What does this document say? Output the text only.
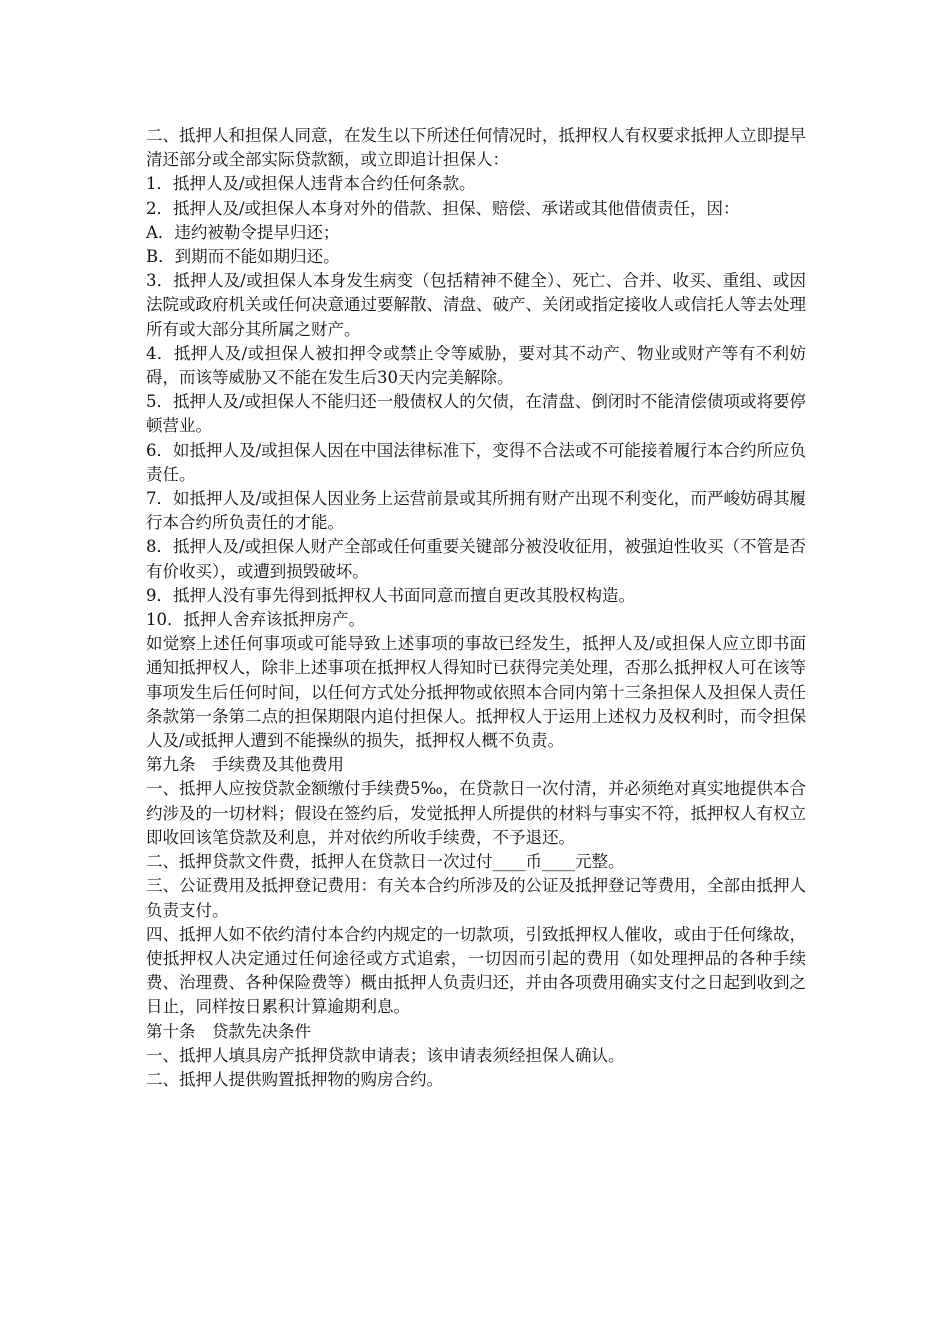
二、抵押人和担保人同意，在发生以下所述任何情况时，抵押权人有权要求抵押人立即提早清还部分或全部实际贷款额，或立即追计担保人：

1．抵押人及/或担保人违背本合约任何条款。

2．抵押人及/或担保人本身对外的借款、担保、赔偿、承诺或其他借债责任，因：

A．违约被勒令提早归还；

B．到期而不能如期归还。

3．抵押人及/或担保人本身发生病变（包括精神不健全）、死亡、合并、收买、重组、或因法院或政府机关或任何决意通过要解散、清盘、破产、关闭或指定接收人或信托人等去处理所有或大部分其所属之财产。

4．抵押人及/或担保人被扣押令或禁止令等威胁，要对其不动产、物业或财产等有不利妨碍，而该等威胁又不能在发生后30天内完美解除。

5．抵押人及/或担保人不能归还一般债权人的欠债，在清盘、倒闭时不能清偿债项或将要停顿营业。

6．如抵押人及/或担保人因在中国法律标准下，变得不合法或不可能接着履行本合约所应负责任。

7．如抵押人及/或担保人因业务上运营前景或其所拥有财产出现不利变化，而严峻妨碍其履行本合约所负责任的才能。

8．抵押人及/或担保人财产全部或任何重要关键部分被没收征用，被强迫性收买（不管是否有价收买），或遭到损毁破坏。

9．抵押人没有事先得到抵押权人书面同意而擅自更改其股权构造。

10．抵押人舍弃该抵押房产。

如觉察上述任何事项或可能导致上述事项的事故已经发生，抵押人及/或担保人应立即书面通知抵押权人，除非上述事项在抵押权人得知时已获得完美处理，否那么抵押权人可在该等事项发生后任何时间，以任何方式处分抵押物或依照本合同内第十三条担保人及担保人责任条款第一条第二点的担保期限内追付担保人。抵押权人于运用上述权力及权利时，而令担保人及/或抵押人遭到不能操纵的损失，抵押权人概不负责。

第九条　手续费及其他费用

一、抵押人应按贷款金额缴付手续费5‰，在贷款日一次付清，并必须绝对真实地提供本合约涉及的一切材料；假设在签约后，发觉抵押人所提供的材料与事实不符，抵押权人有权立即收回该笔贷款及利息，并对依约所收手续费，不予退还。

二、抵押贷款文件费，抵押人在贷款日一次过付____币____元整。

三、公证费用及抵押登记费用：有关本合约所涉及的公证及抵押登记等费用，全部由抵押人负责支付。

四、抵押人如不依约清付本合约内规定的一切款项，引致抵押权人催收，或由于任何缘故，使抵押权人决定通过任何途径或方式追索，一切因而引起的费用（如处理押品的各种手续费、治理费、各种保险费等）概由抵押人负责归还，并由各项费用确实支付之日起到收到之日止，同样按日累积计算逾期利息。

第十条　贷款先决条件

一、抵押人填具房产抵押贷款申请表；该申请表须经担保人确认。

二、抵押人提供购置抵押物的购房合约。
